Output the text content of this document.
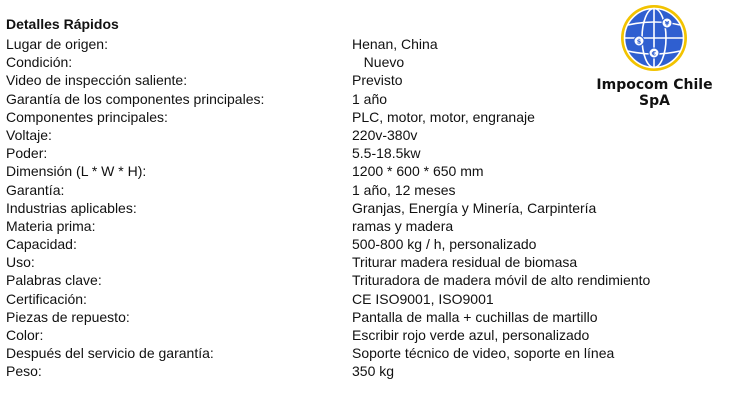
Detalles Rápidos
Lugar de origen:	Henan, China
Condición:	Nuevo
Video de inspección saliente:	Previsto
Garantía de los componentes principales:	1 año
Componentes principales:	PLC, motor, motor, engranaje
Voltaje:	220v-380v
Poder:	5.5-18.5kw
Dimensión (L * W * H):	1200 * 600 * 650 mm
Garantía:	1 año, 12 meses
Industrias aplicables:	Granjas, Energía y Minería, Carpintería
Materia prima:	ramas y madera
Capacidad:	500-800 kg / h, personalizado
Uso:	Triturar madera residual de biomasa
Palabras clave:	Trituradora de madera móvil de alto rendimiento
Certificación:	CE ISO9001, ISO9001
Piezas de repuesto:	Pantalla de malla + cuchillas de martillo
Color:	Escribir rojo verde azul, personalizado
Después del servicio de garantía:	Soporte técnico de video, soporte en línea
Peso:	350 kg
$
¥
€
Impocom Chile SpA
